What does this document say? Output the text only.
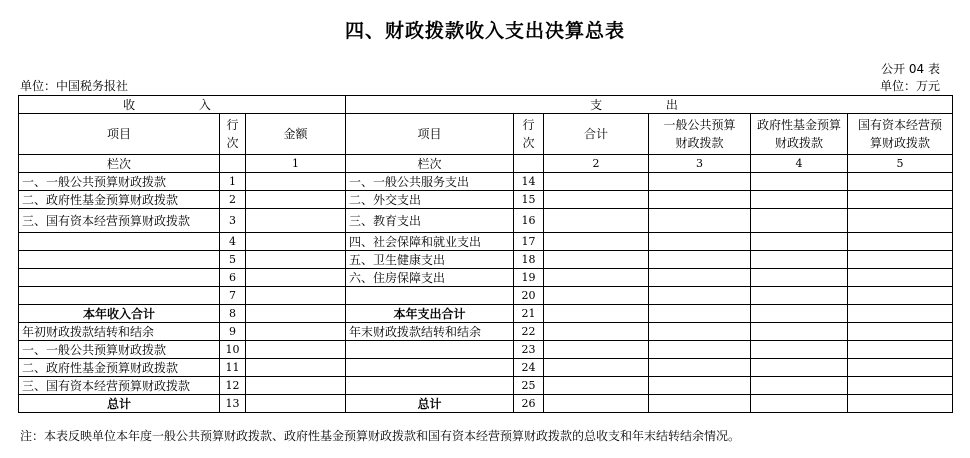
四、财政拨款收入支出决算总表
公开 04 表
单位：中国税务报社	单位：万元
收 入			支 出					
项目	行次	金额	项目	行次	合计	一般公共预算财政拨款	政府性基金预算财政拨款	国有资本经营预算财政拨款
栏次		1	栏次		2	3	4	5
一、一般公共预算财政拨款	1		一、一般公共服务支出	14				
二、政府性基金预算财政拨款	2		二、外交支出	15				
三、国有资本经营预算财政拨款	3		三、教育支出	16				
	4		四、社会保障和就业支出	17				
	5		五、卫生健康支出	18				
	6		六、住房保障支出	19				
	7			20				
本年收入合计	8		本年支出合计	21				
年初财政拨款结转和结余	9		年末财政拨款结转和结余	22				
一、一般公共预算财政拨款	10			23				
二、政府性基金预算财政拨款	11			24				
三、国有资本经营预算财政拨款	12			25				
总计	13		总计	26				
注：本表反映单位本年度一般公共预算财政拨款、政府性基金预算财政拨款和国有资本经营预算财政拨款的总收支和年末结转结余情况。
